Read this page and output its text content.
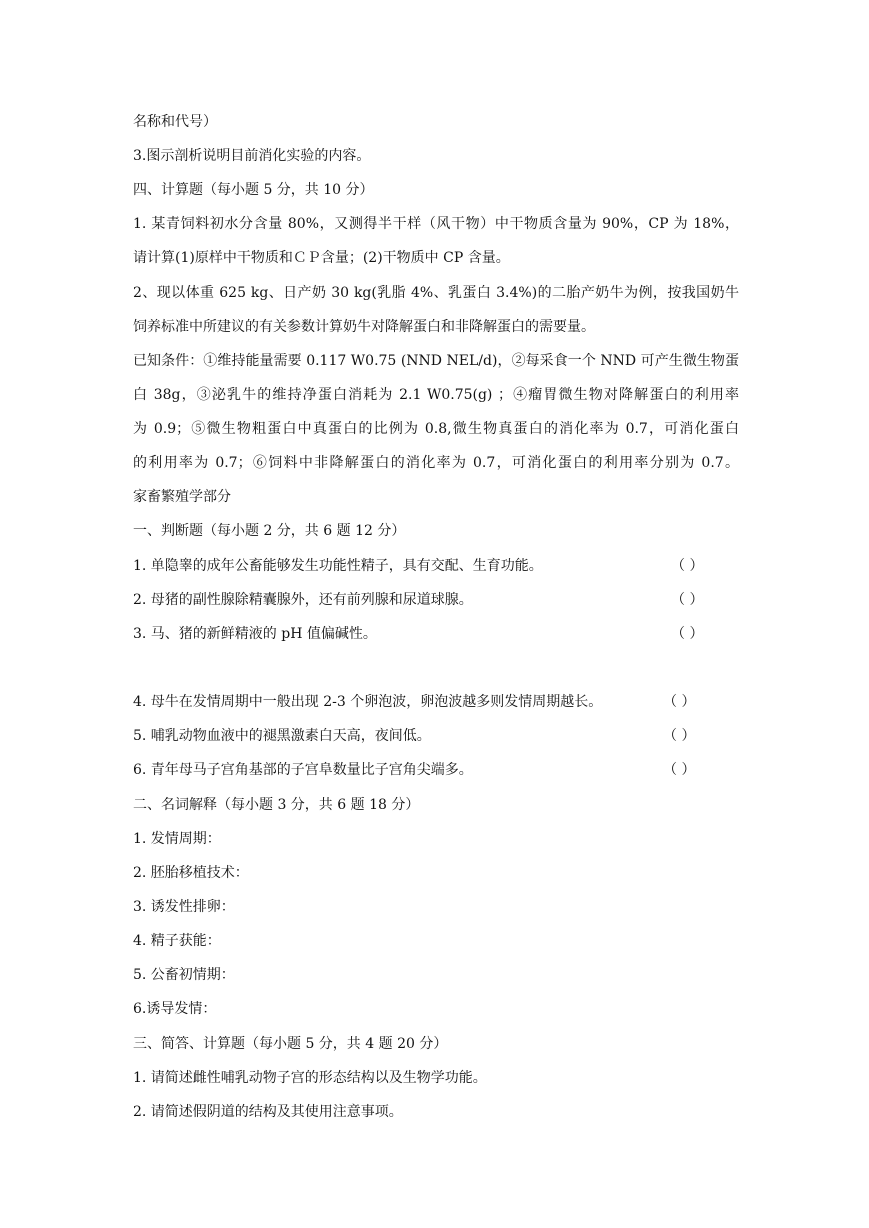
名称和代号）
3.图示剖析说明目前消化实验的内容。
四、计算题（每小题 5 分，共 10 分）
1. 某青饲料初水分含量 80%，又测得半干样（风干物）中干物质含量为 90%，CP 为 18%，
请计算(1)原样中干物质和ＣＰ含量；(2)干物质中 CP 含量。
2、现以体重 625 kg、日产奶 30 kg(乳脂 4%、乳蛋白 3.4%)的二胎产奶牛为例，按我国奶牛
饲养标准中所建议的有关参数计算奶牛对降解蛋白和非降解蛋白的需要量。
已知条件：①维持能量需要 0.117 W0.75 (NND NEL/d)，②每采食一个 NND 可产生微生物蛋
白 38g，③泌乳牛的维持净蛋白消耗为 2.1 W0.75(g) ；④瘤胃微生物对降解蛋白的利用率
为 0.9；⑤微生物粗蛋白中真蛋白的比例为 0.8,微生物真蛋白的消化率为 0.7，可消化蛋白
的利用率为 0.7；⑥饲料中非降解蛋白的消化率为 0.7，可消化蛋白的利用率分别为 0.7。
家畜繁殖学部分
一、判断题（每小题 2 分，共 6 题 12 分）
1. 单隐睾的成年公畜能够发生功能性精子，具有交配、生育功能。	（ ）
2. 母猪的副性腺除精囊腺外，还有前列腺和尿道球腺。	（ ）
3. 马、猪的新鲜精液的 pH 值偏碱性。	（ ）
4. 母牛在发情周期中一般出现 2-3 个卵泡波，卵泡波越多则发情周期越长。	（ ）
5. 哺乳动物血液中的褪黑激素白天高，夜间低。	（ ）
6. 青年母马子宫角基部的子宫阜数量比子宫角尖端多。	（ ）
二、名词解释（每小题 3 分，共 6 题 18 分）
1. 发情周期：
2. 胚胎移植技术：
3. 诱发性排卵：
4. 精子获能：
5. 公畜初情期：
6.诱导发情：
三、简答、计算题（每小题 5 分，共 4 题 20 分）
1. 请简述雌性哺乳动物子宫的形态结构以及生物学功能。
2. 请简述假阴道的结构及其使用注意事项。
